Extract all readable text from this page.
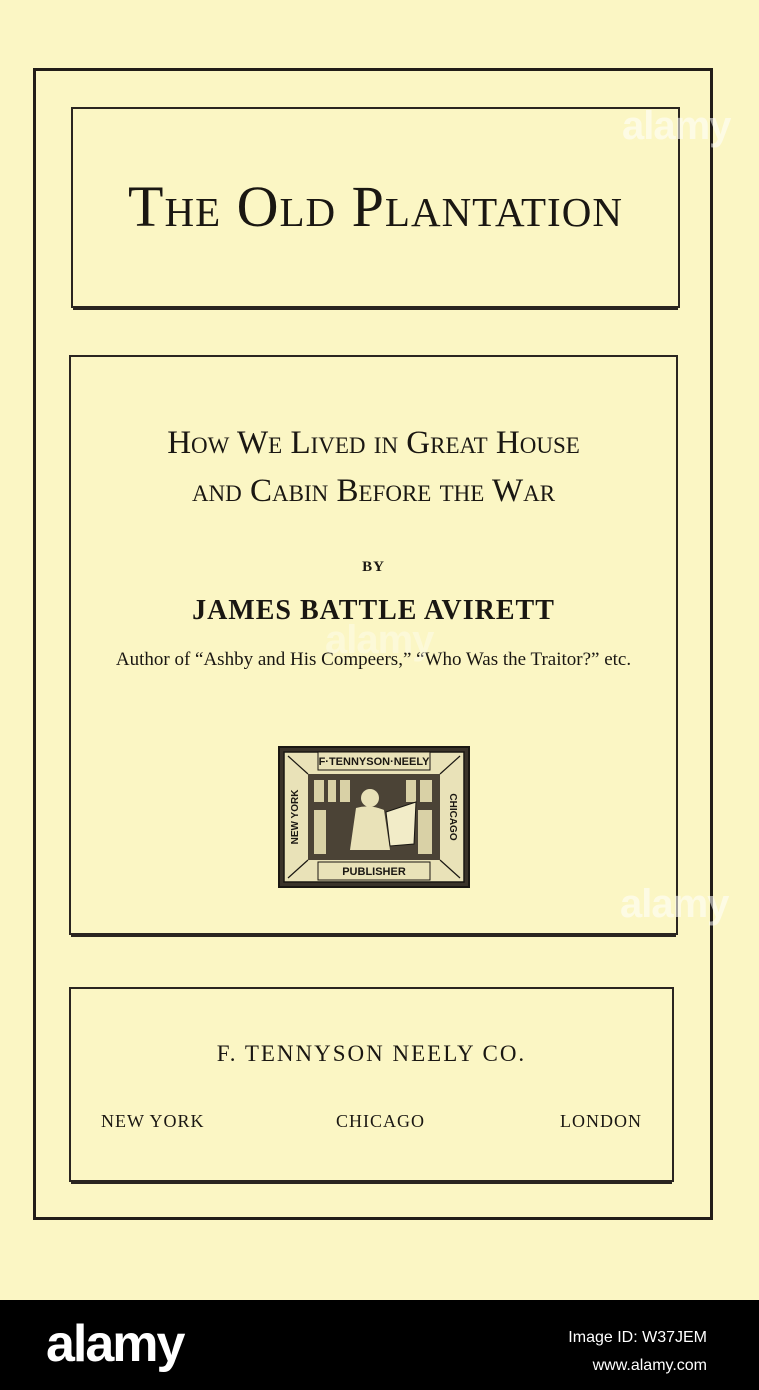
The Old Plantation
How We Lived in Great House
and Cabin Before the War
BY
JAMES BATTLE AVIRETT
Author of “Ashby and His Compeers,” “Who Was the Traitor?” etc.
F·TENNYSON·NEELY
PUBLISHER
NEW YORK	CHICAGO
F. TENNYSON NEELY CO.
NEW YORK	CHICAGO	LONDON
alamy
alamy
alamy
alamy	Image ID: W37JEM
www.alamy.com
